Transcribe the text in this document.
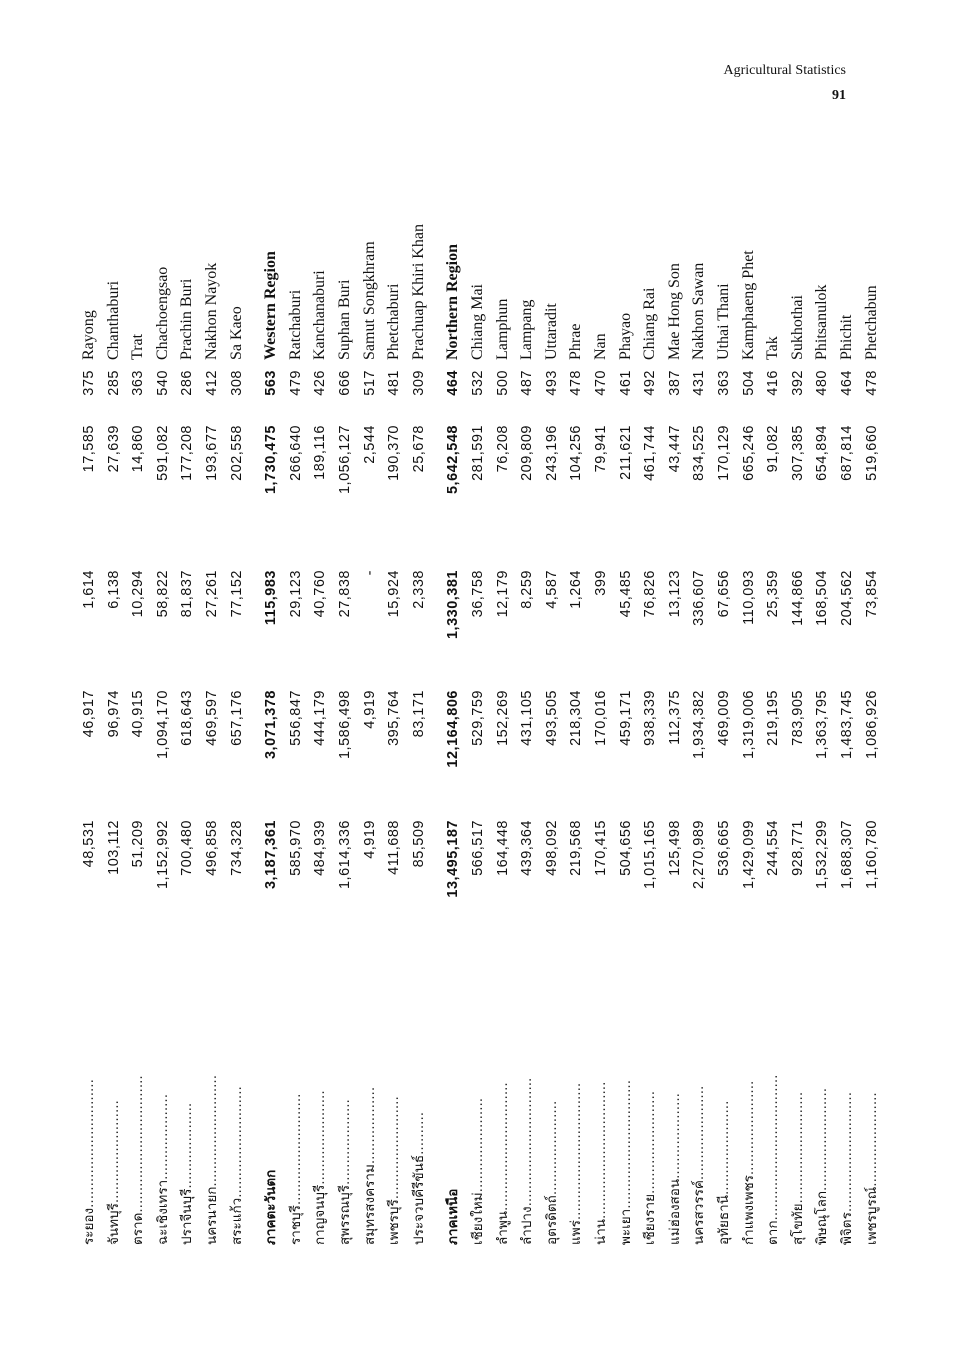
Agricultural Statistics
91
ระยอง..............................
48,531
46,917
1,614
17,585
375
Rayong
จันทบุรี........................
103,112
96,974
6,138
27,639
285
Chanthaburi
ตราด................................
51,209
40,915
10,294
14,860
363
Trat
ฉะเชิงเทรา....................
1,152,992
1,094,170
58,822
591,082
540
Chachoengsao
ปราจีนบุรี....................
700,480
618,643
81,837
177,208
286
Prachin Buri
นครนายก..........................
496,858
469,597
27,261
193,677
412
Nakhon Nayok
สระแก้ว..........................
734,328
657,176
77,152
202,558
308
Sa Kaeo
ภาคตะวันตก
3,187,361
3,071,378
115,983
1,730,475
563
Western Region
ราชบุรี..........................
585,970
556,847
29,123
266,640
479
Ratchaburi
กาญจนบุรี......................
484,939
444,179
40,760
189,116
426
Kanchanaburi
สุพรรณบุรี....................
1,614,336
1,586,498
27,838
1,056,127
666
Suphan Buri
สมุทรสงคราม..................
4,919
4,919
-
2,544
517
Samut Songkhram
เพชรบุรี........................
411,688
395,764
15,924
190,370
481
Phetchaburi
ประจวบคีรีขันธ์..........
85,509
83,171
2,338
25,678
309
Prachuap Khiri Khan
ภาคเหนือ
13,495,187
12,164,806
1,330,381
5,642,548
464
Northern Region
เชียงใหม่......................
566,517
529,759
36,758
281,591
532
Chiang Mai
ลำพูน..............................
164,448
152,269
12,179
76,208
500
Lamphun
ลำปาง..............................
439,364
431,105
8,259
209,809
487
Lampang
อุตรดิตถ์......................
498,092
493,505
4,587
243,196
493
Uttaradit
แพร่................................
219,568
218,304
1,264
104,256
478
Phrae
น่าน................................
170,415
170,016
399
79,941
470
Nan
พะเยา..............................
504,656
459,171
45,485
211,621
461
Phayao
เชียงราย........................
1,015,165
938,339
76,826
461,744
492
Chiang Rai
แม่ฮ่องสอน....................
125,498
112,375
13,123
43,447
387
Mae Hong Son
นครสวรรค์......................
2,270,989
1,934,382
336,607
834,525
431
Nakhon Sawan
อุทัยธานี......................
536,665
469,009
67,656
170,129
363
Uthai Thani
กำแพงเพชร......................
1,429,099
1,319,006
110,093
665,246
504
Kamphaeng Phet
ตาก..................................
244,554
219,195
25,359
91,082
416
Tak
สุโขทัย..........................
928,771
783,905
144,866
307,385
392
Sukhothai
พิษณุโลก........................
1,532,299
1,363,795
168,504
654,894
480
Phitsanulok
พิจิตร............................
1,688,307
1,483,745
204,562
687,814
464
Phichit
เพชรบูรณ์......................
1,160,780
1,086,926
73,854
519,660
478
Phetchabun
